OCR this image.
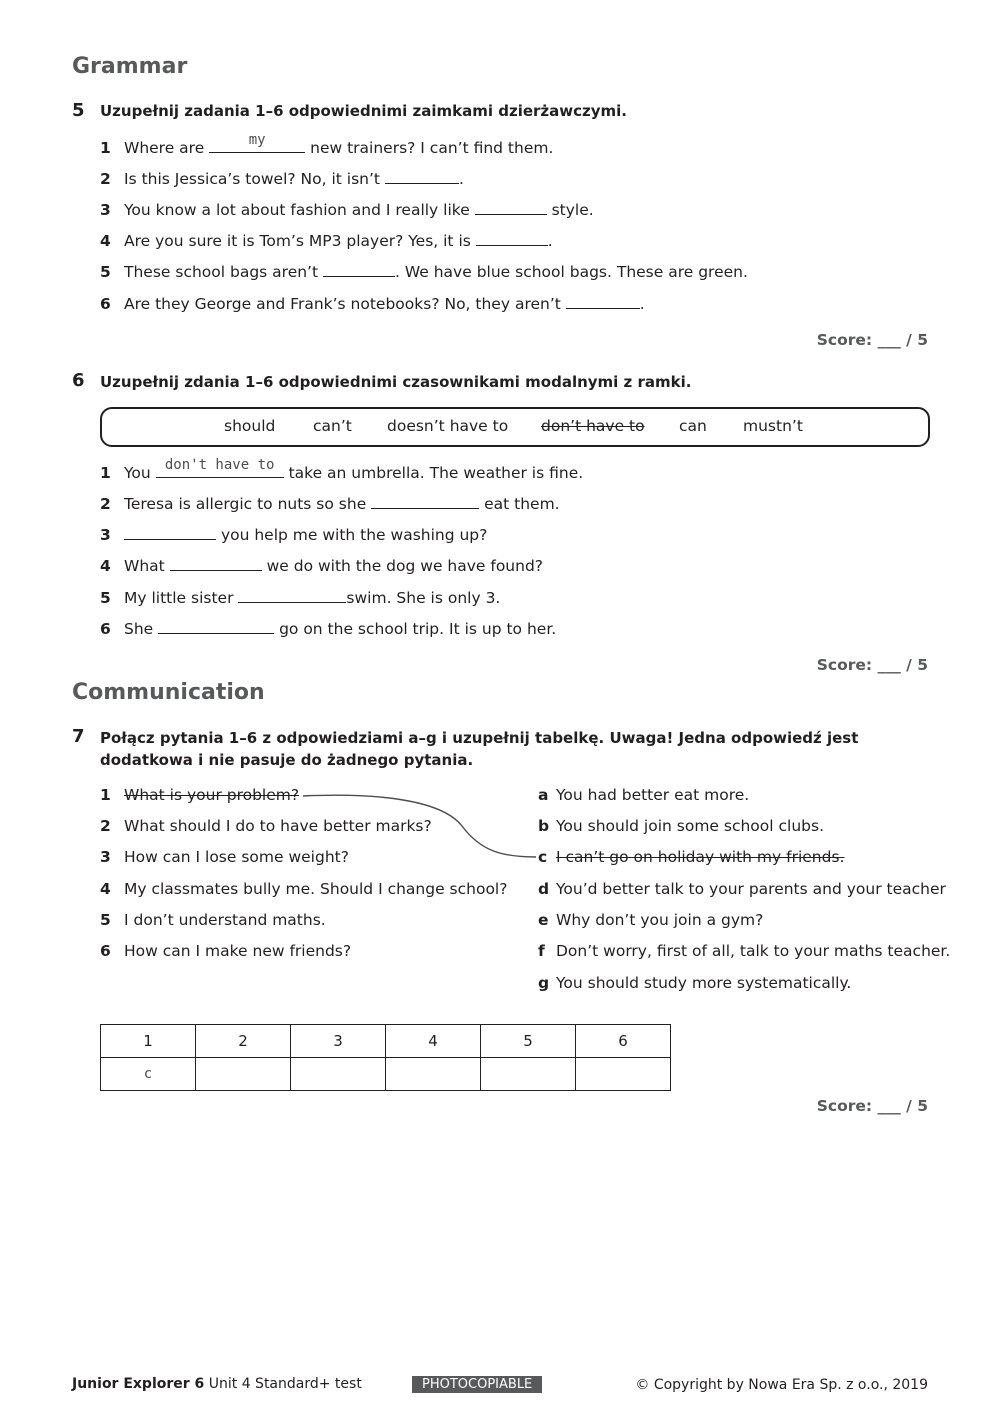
Grammar
5 Uzupełnij zadania 1–6 odpowiednimi zaimkami dzierżawczymi.
1 Where are	my	new trainers? I can’t find them.
2 Is this Jessica’s towel? No, it isn’t	.
3 You know a lot about fashion and I really like	style.
4 Are you sure it is Tom’s MP3 player? Yes, it is	.
5 These school bags aren’t	. We have blue school bags. These are green.
6 Are they George and Frank’s notebooks? No, they aren’t	.
Score: ___ / 5
6 Uzupełnij zdania 1–6 odpowiednimi czasownikami modalnymi z ramki.
should can’t doesn’t have to don’t have to can mustn’t
1 You	don't have to take an umbrella. The weather is fine.
2 Teresa is allergic to nuts so she	eat them.
3	you help me with the washing up?
4 What	we do with the dog we have found?
5 My little sister	swim. She is only 3.
6 She	go on the school trip. It is up to her.
Score: ___ / 5
Communication
7 Połącz pytania 1–6 z odpowiedziami a–g i uzupełnij tabelkę. Uwaga! Jedna odpowiedź jest
dodatkowa i nie pasuje do żadnego pytania.
1 What is your problem?
2 What should I do to have better marks?
3 How can I lose some weight?
4 My classmates bully me. Should I change school?
5 I don’t understand maths.
6 How can I make new friends?
a You had better eat more.
b You should join some school clubs.
c I can’t go on holiday with my friends.
d You’d better talk to your parents and your teacher
e Why don’t you join a gym?
f Don’t worry, first of all, talk to your maths teacher.
g You should study more systematically.
1	2	3	4	5	6
c					
Score: ___ / 5
Junior Explorer 6 Unit 4 Standard+ test	PHOTOCOPIABLE	© Copyright by Nowa Era Sp. z o.o., 2019
